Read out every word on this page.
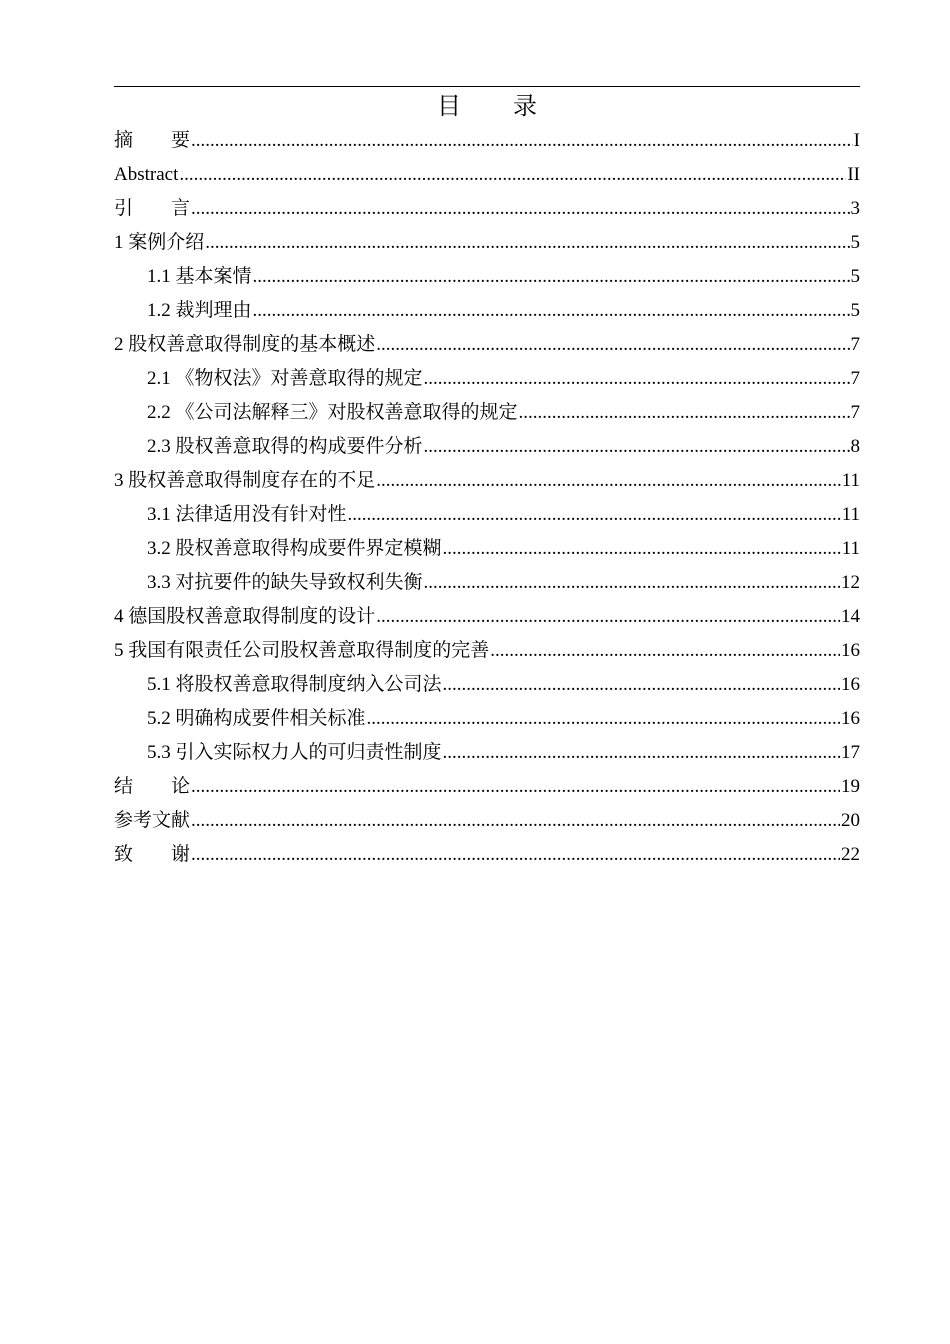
目 录
摘　　要 .....	I
Abstract .....	II
引　　言 .....	3
1 案例介绍 .....	5
1.1 基本案情 .....	5
1.2 裁判理由 .....	5
2 股权善意取得制度的基本概述 .....	7
2.1 《物权法》对善意取得的规定 .....	7
2.2 《公司法解释三》对股权善意取得的规定 .....	7
2.3 股权善意取得的构成要件分析 .....	8
3 股权善意取得制度存在的不足 .....	11
3.1 法律适用没有针对性 .....	11
3.2 股权善意取得构成要件界定模糊 .....	11
3.3 对抗要件的缺失导致权利失衡 .....	12
4 德国股权善意取得制度的设计 .....	14
5 我国有限责任公司股权善意取得制度的完善 .....	16
5.1 将股权善意取得制度纳入公司法 .....	16
5.2 明确构成要件相关标准 .....	16
5.3 引入实际权力人的可归责性制度 .....	17
结　　论 .....	19
参考文献 .....	20
致　　谢 .....	22
